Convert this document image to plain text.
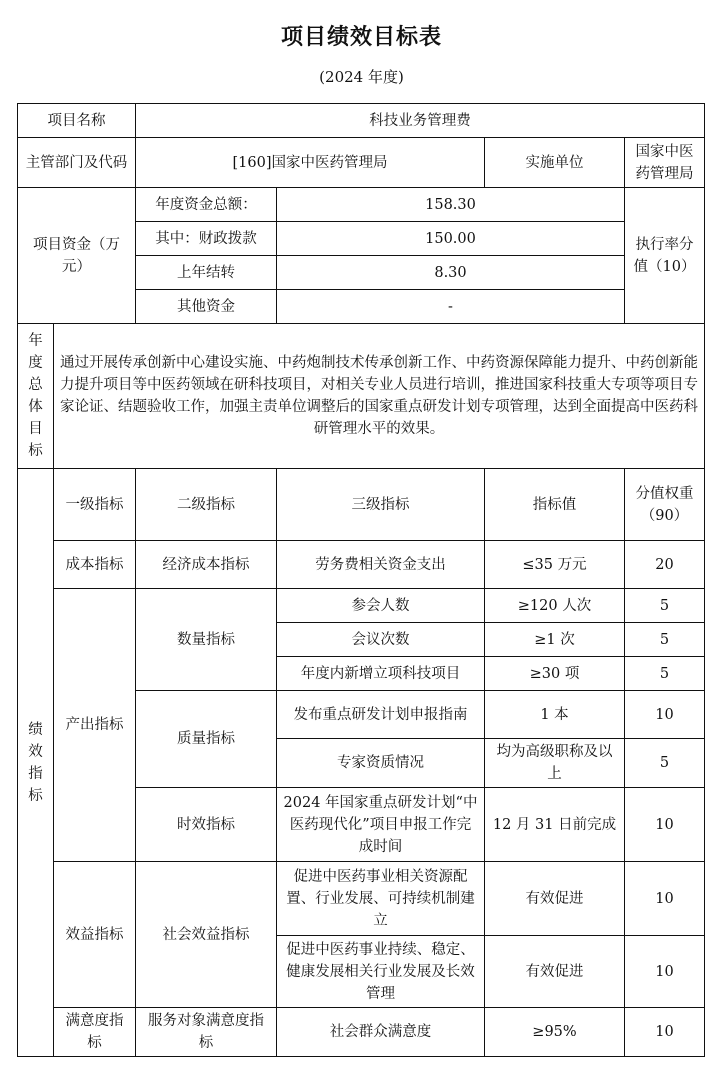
项目绩效目标表
(2024 年度)
项目名称		科技业务管理费			
主管部门及代码		[160]国家中医药管理局		实施单位	国家中医药管理局
项目资金（万元）		年度资金总额：	158.30		执行率分值（10）
		其中：财政拨款	150.00		
		上年结转	8.30		
		其他资金	-		
年度总体目标	通过开展传承创新中心建设实施、中药炮制技术传承创新工作、中药资源保障能力提升、中药创新能力提升项目等中医药领域在研科技项目，对相关专业人员进行培训，推进国家科技重大专项等项目专家论证、结题验收工作，加强主责单位调整后的国家重点研发计划专项管理，达到全面提高中医药科研管理水平的效果。				
绩效指标	一级指标	二级指标	三级指标	指标值	分值权重（90）
	成本指标	经济成本指标	劳务费相关资金支出	≤35 万元	20
	产出指标	数量指标	参会人数	≥120 人次	5
			会议次数	≥1 次	5
			年度内新增立项科技项目	≥30 项	5
		质量指标	发布重点研发计划申报指南	1 本	10
			专家资质情况	均为高级职称及以上	5
		时效指标	2024 年国家重点研发计划“中医药现代化”项目申报工作完成时间	12 月 31 日前完成	10
	效益指标	社会效益指标	促进中医药事业相关资源配置、行业发展、可持续机制建立	有效促进	10
			促进中医药事业持续、稳定、健康发展相关行业发展及长效管理	有效促进	10
	满意度指标	服务对象满意度指标	社会群众满意度	≥95%	10
